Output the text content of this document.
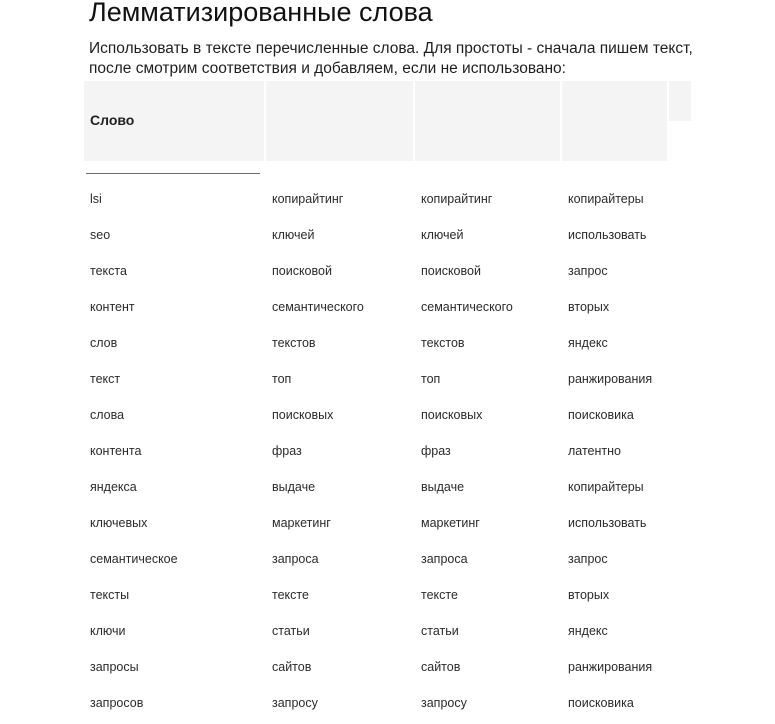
Лемматизированные слова

Использовать в тексте перечисленные слова. Для простоты - сначала пишем текст, после смотрим соответствия и добавляем, если не использовано:

Слово
lsi	копирайтинг	копирайтинг	копирайтеры
seo	ключей	ключей	использовать
текста	поисковой	поисковой	запрос
контент	семантического	семантического	вторых
слов	текстов	текстов	яндекс
текст	топ	топ	ранжирования
слова	поисковых	поисковых	поисковика
контента	фраз	фраз	латентно
яндекса	выдаче	выдаче	копирайтеры
ключевых	маркетинг	маркетинг	использовать
семантическое	запроса	запроса	запрос
тексты	тексте	тексте	вторых
ключи	статьи	статьи	яндекс
запросы	сайтов	сайтов	ранжирования
запросов	запросу	запросу	поисковика
